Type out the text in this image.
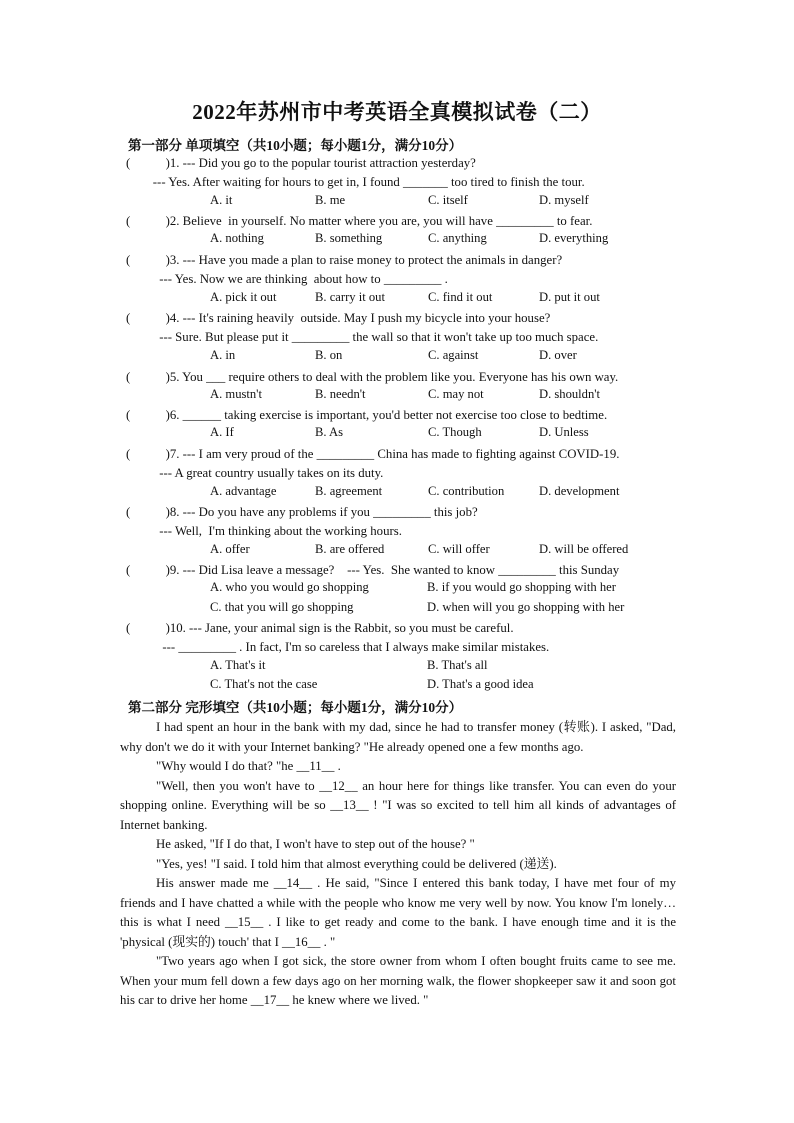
2022年苏州市中考英语全真模拟试卷（二）
第一部分 单项填空（共10小题；每小题1分，满分10分）
( )1. --- Did you go to the popular tourist attraction yesterday?
--- Yes. After waiting for hours to get in, I found _______ too tired to finish the tour.
A. it	B. me	C. itself	D. myself
( )2. Believe  in yourself. No matter where you are, you will have _________ to fear.
A. nothing	B. something	C. anything	D. everything
( )3. --- Have you made a plan to raise money to protect the animals in danger?
--- Yes. Now we are thinking  about how to _________ .
A. pick it out	B. carry it out	C. find it out	D. put it out
( )4. --- It's raining heavily  outside. May I push my bicycle into your house?
--- Sure. But please put it _________ the wall so that it won't take up too much space.
A. in	B. on	C. against	D. over
( )5. You ___ require others to deal with the problem like you. Everyone has his own way.
A. mustn't	B. needn't	C. may not	D. shouldn't
( )6. ______ taking exercise is important, you'd better not exercise too close to bedtime.
A. If	B. As	C. Though	D. Unless
( )7. --- I am very proud of the _________ China has made to fighting against COVID-19.
--- A great country usually takes on its duty.
A. advantage	B. agreement	C. contribution	D. development
( )8. --- Do you have any problems if you _________ this job?
--- Well,  I'm thinking about the working hours.
A. offer	B. are offered	C. will offer	D. will be offered
( )9. --- Did Lisa leave a message?    --- Yes.  She wanted to know _________ this Sunday
A. who you would go shopping	B. if you would go shopping with her
C. that you will go shopping	D. when will you go shopping with her
( )10. --- Jane, your animal sign is the Rabbit, so you must be careful.
--- _________ . In fact, I'm so careless that I always make similar mistakes.
A. That's it	B. That's all
C. That's not the case	D. That's a good idea
第二部分 完形填空（共10小题；每小题1分，满分10分）

I had spent an hour in the bank with my dad, since he had to transfer money (转账). I asked, "Dad, why don't we do it with your Internet banking? "He already opened one a few months ago.

"Why would I do that? "he __11__ .

"Well, then you won't have to __12__ an hour here for things like transfer. You can even do your shopping online. Everything will be so __13__ ! "I was so excited to tell him all kinds of advantages of Internet banking.

He asked, "If I do that, I won't have to step out of the house? "

"Yes, yes! "I said. I told him that almost everything could be delivered (递送).

His answer made me __14__ . He said, "Since I entered this bank today, I have met four of my friends and I have chatted a while with the people who know me very well by now. You know I'm lonely… this is what I need __15__ . I like to get ready and come to the bank. I have enough time and it is the 'physical (现实的) touch' that I __16__ . "

"Two years ago when I got sick, the store owner from whom I often bought fruits came to see me. When your mum fell down a few days ago on her morning walk, the flower shopkeeper saw it and soon got his car to drive her home __17__ he knew where we lived. "
